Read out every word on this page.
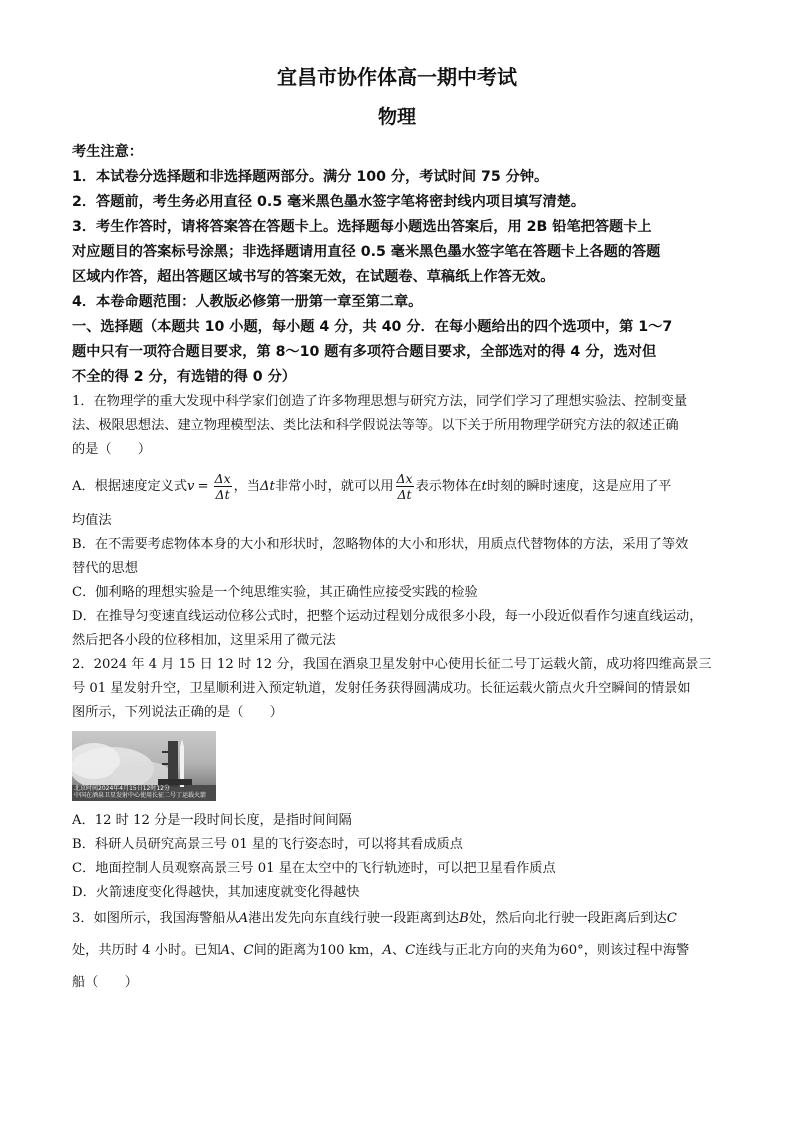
宜昌市协作体高一期中考试
物理

考生注意：

1．本试卷分选择题和非选择题两部分。满分 100 分，考试时间 75 分钟。

2．答题前，考生务必用直径 0.5 毫米黑色墨水签字笔将密封线内项目填写清楚。

3．考生作答时，请将答案答在答题卡上。选择题每小题选出答案后，用 2B 铅笔把答题卡上

对应题目的答案标号涂黑；非选择题请用直径 0.5 毫米黑色墨水签字笔在答题卡上各题的答题

区域内作答，超出答题区域书写的答案无效，在试题卷、草稿纸上作答无效。

4．本卷命题范围：人教版必修第一册第一章至第二章。

一、选择题（本题共 10 小题，每小题 4 分，共 40 分．在每小题给出的四个选项中，第 1～7

题中只有一项符合题目要求，第 8～10 题有多项符合题目要求，全部选对的得 4 分，选对但

不全的得 2 分，有选错的得 0 分）

1．在物理学的重大发现中科学家们创造了许多物理思想与研究方法，同学们学习了理想实验法、控制变量

法、极限思想法、建立物理模型法、类比法和科学假说法等等。以下关于所用物理学研究方法的叙述正确

的是（　　）

A．根据速度定义式 $v = \frac{\Delta x}{\Delta t}$ ，当 Δt 非常小时，就可以用 $\frac{\Delta x}{\Delta t}$ 表示物体在 t 时刻的瞬时速度，这是应用了平

均值法

B．在不需要考虑物体本身的大小和形状时，忽略物体的大小和形状，用质点代替物体的方法，采用了等效

替代的思想

C．伽利略的理想实验是一个纯思维实验，其正确性应接受实践的检验

D．在推导匀变速直线运动位移公式时，把整个运动过程划分成很多小段，每一小段近似看作匀速直线运动，

然后把各小段的位移相加，这里采用了微元法

2．2024 年 4 月 15 日 12 时 12 分，我国在酒泉卫星发射中心使用长征二号丁运载火箭，成功将四维高景三

号 01 星发射升空，卫星顺利进入预定轨道，发射任务获得圆满成功。长征运载火箭点火升空瞬间的情景如

图所示，下列说法正确的是（　　）

北京时间2024年4月15日12时12分
中国在酒泉卫星发射中心使用长征二号丁运载火箭

A．12 时 12 分是一段时间长度，是指时间间隔

B．科研人员研究高景三号 01 星的飞行姿态时，可以将其看成质点

C．地面控制人员观察高景三号 01 星在太空中的飞行轨迹时，可以把卫星看作质点

D．火箭速度变化得越快，其加速度就变化得越快

3．如图所示，我国海警船从A港出发先向东直线行驶一段距离到达B处，然后向北行驶一段距离后到达C

处，共历时 4 小时。已知A、C间的距离为100 km，A、C连线与正北方向的夹角为60°，则该过程中海警

船（　　）
